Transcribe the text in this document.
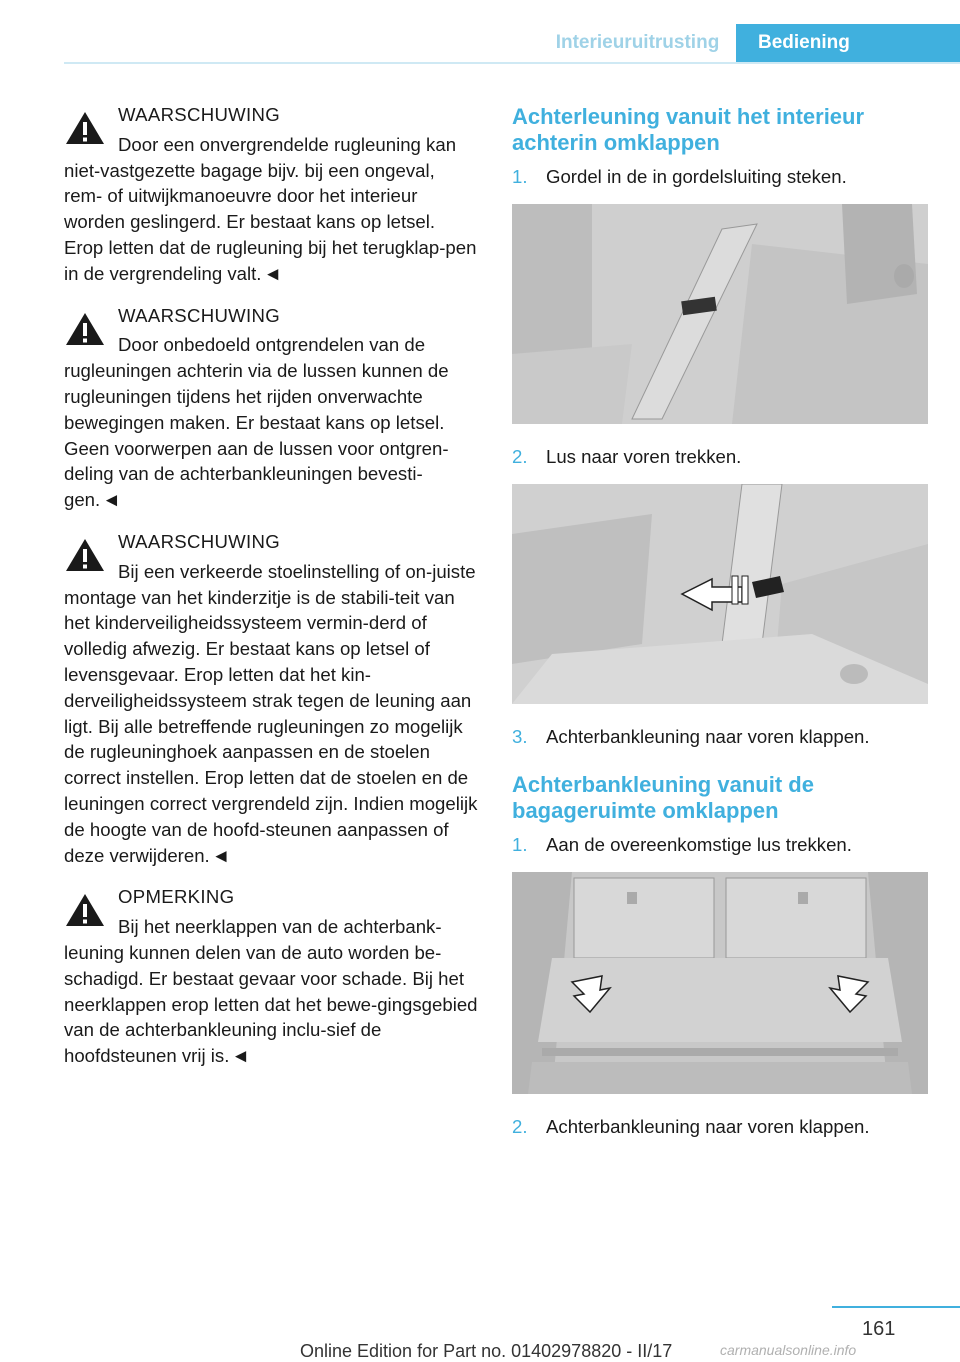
Interieuruitrusting	Bediening
WAARSCHUWING
Door een onvergrendelde rugleuning kan niet-vastgezette bagage bijv. bij een ongeval, rem- of uitwijkmanoeuvre door het interieur worden geslingerd. Er bestaat kans op letsel. Erop letten dat de rugleuning bij het terugklap-pen in de vergrendeling valt. ◄
WAARSCHUWING
Door onbedoeld ontgrendelen van de rugleuningen achterin via de lussen kunnen de rugleuningen tijdens het rijden onverwachte bewegingen maken. Er bestaat kans op letsel. Geen voorwerpen aan de lussen voor ontgren-deling van de achterbankleuningen bevesti-gen. ◄
WAARSCHUWING
Bij een verkeerde stoelinstelling of on-juiste montage van het kinderzitje is de stabili-teit van het kinderveiligheidssysteem vermin-derd of volledig afwezig. Er bestaat kans op letsel of levensgevaar. Erop letten dat het kin-derveiligheidssysteem strak tegen de leuning aan ligt. Bij alle betreffende rugleuningen zo mogelijk de rugleuninghoek aanpassen en de stoelen correct instellen. Erop letten dat de stoelen en de leuningen correct vergrendeld zijn. Indien mogelijk de hoogte van de hoofd-steunen aanpassen of deze verwijderen. ◄
OPMERKING
Bij het neerklappen van de achterbank-leuning kunnen delen van de auto worden be-schadigd. Er bestaat gevaar voor schade. Bij het neerklappen erop letten dat het bewe-gingsgebied van de achterbankleuning inclu-sief de hoofdsteunen vrij is. ◄
Achterleuning vanuit het interieur achterin omklappen
1. Gordel in de in gordelsluiting steken.
2. Lus naar voren trekken.
3. Achterbankleuning naar voren klappen.
Achterbankleuning vanuit de bagageruimte omklappen
1. Aan de overeenkomstige lus trekken.
2. Achterbankleuning naar voren klappen.
161
Online Edition for Part no. 01402978820 - II/17	carmanualsonline.info
